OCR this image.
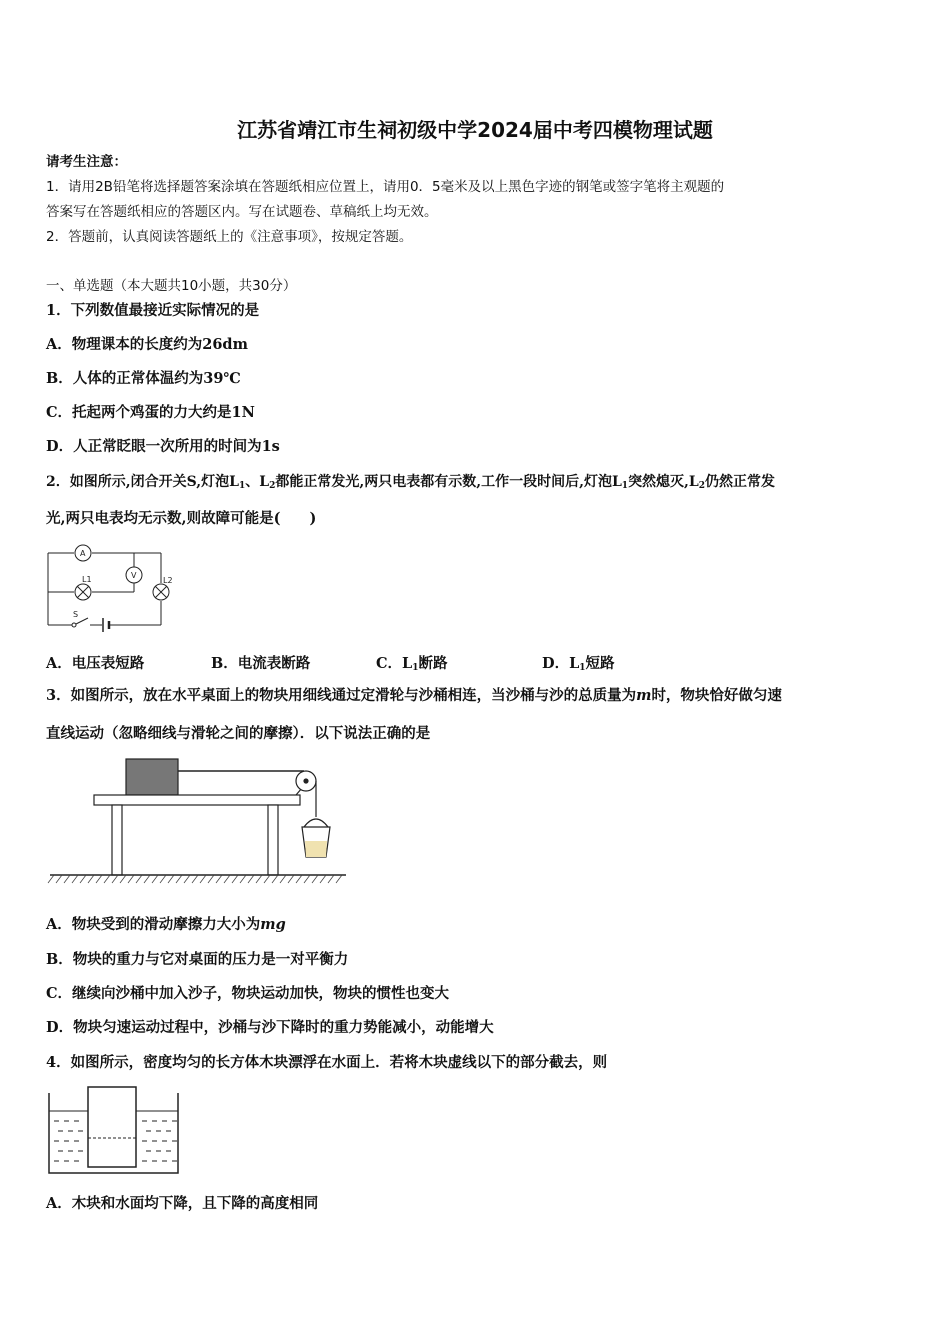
江苏省靖江市生祠初级中学2024届中考四模物理试题
请考生注意：
1．请用2B铅笔将选择题答案涂填在答题纸相应位置上，请用0．5毫米及以上黑色字迹的钢笔或签字笔将主观题的
答案写在答题纸相应的答题区内。写在试题卷、草稿纸上均无效。
2．答题前，认真阅读答题纸上的《注意事项》，按规定答题。
一、单选题（本大题共10小题，共30分）
1．下列数值最接近实际情况的是
A．物理课本的长度约为26dm
B．人体的正常体温约为39℃
C．托起两个鸡蛋的力大约是1N
D．人正常眨眼一次所用的时间为1s
2．如图所示,闭合开关S,灯泡$L_1$、$L_2$都能正常发光,两只电表都有示数,工作一段时间后,灯泡$L_1$突然熄灭$,L_2$仍然正常发
光,两只电表均无示数,则故障可能是(　　)
A
V
L1	L2
S
A．电压表短路	B．电流表断路	C．$L_1$断路	D．$L_1$短路
3．如图所示，放在水平桌面上的物块用细线通过定滑轮与沙桶相连，当沙桶与沙的总质量为m时，物块恰好做匀速
直线运动（忽略细线与滑轮之间的摩擦）．以下说法正确的是
A．物块受到的滑动摩擦力大小为mg
B．物块的重力与它对桌面的压力是一对平衡力
C．继续向沙桶中加入沙子，物块运动加快，物块的惯性也变大
D．物块匀速运动过程中，沙桶与沙下降时的重力势能减小，动能增大
4．如图所示，密度均匀的长方体木块漂浮在水面上．若将木块虚线以下的部分截去，则
A．木块和水面均下降，且下降的高度相同
